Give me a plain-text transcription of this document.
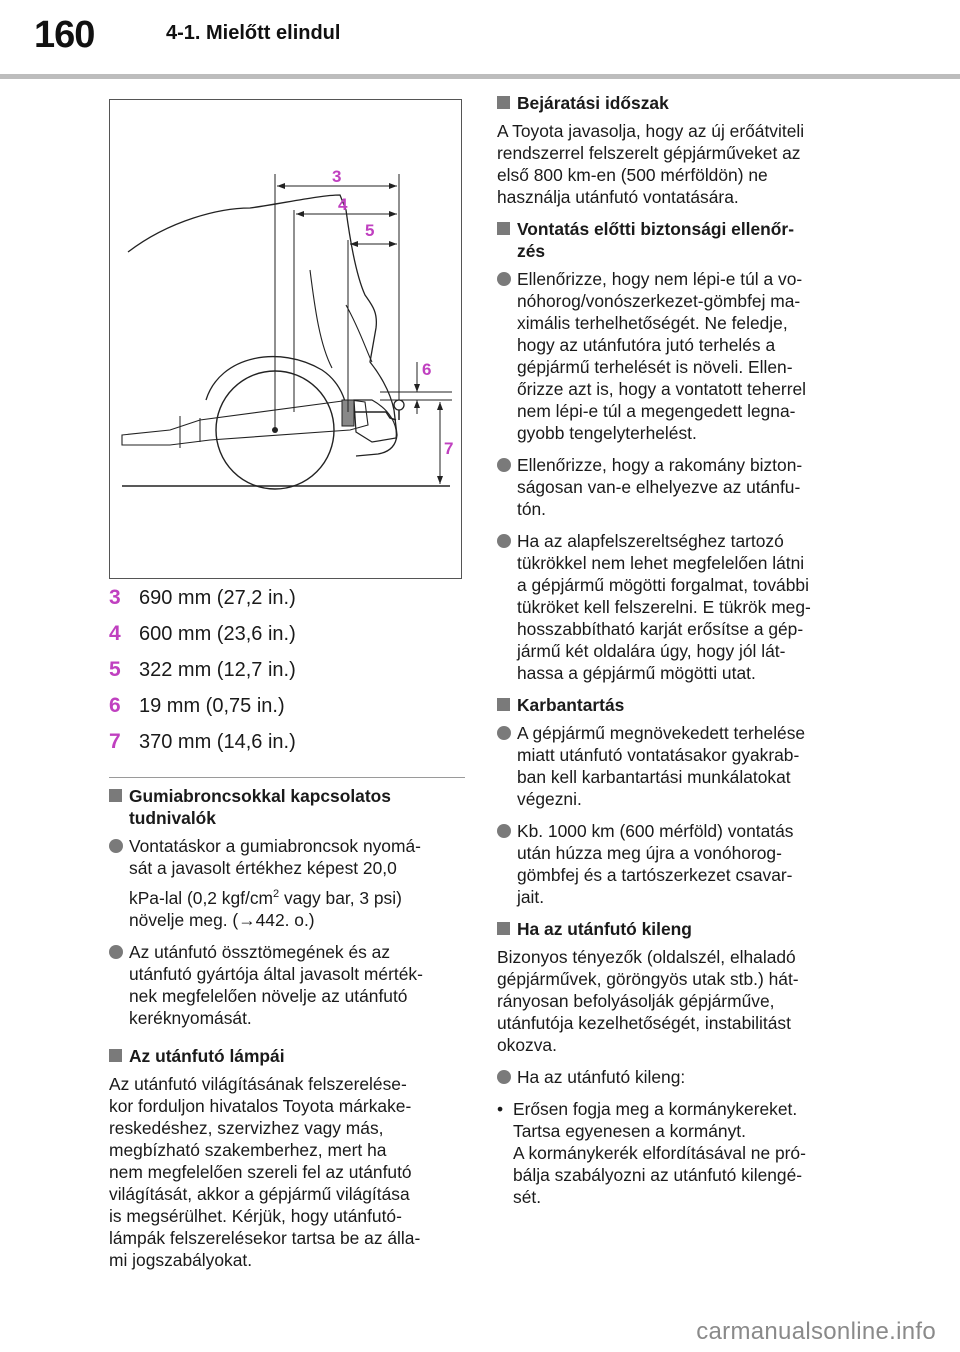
160	4-1. Mielőtt elindul
3
4
5
6
7
3 690 mm (27,2 in.)
4 600 mm (23,6 in.)
5 322 mm (12,7 in.)
6 19 mm (0,75 in.)
7 370 mm (14,6 in.)
Gumiabroncsokkal kapcsolatos
tudnivalók
Vontatáskor a gumiabroncsok nyomá-
sát a javasolt értékhez képest 20,0
kPa-lal (0,2 kgf/$cm^2$ vagy bar, 3 psi)
növelje meg. (→442. o.)
Az utánfutó össztömegének és az
utánfutó gyártója által javasolt mérték-
nek megfelelően növelje az utánfutó
keréknyomását.
Az utánfutó lámpái
Az utánfutó világításának felszerelése-
kor forduljon hivatalos Toyota márkake-
reskedéshez, szervizhez vagy más,
megbízható szakemberhez, mert ha
nem megfelelően szereli fel az utánfutó
világítását, akkor a gépjármű világítása
is megsérülhet. Kérjük, hogy utánfutó-
lámpák felszerelésekor tartsa be az álla-
mi jogszabályokat.
Bejáratási időszak
A Toyota javasolja, hogy az új erőátviteli
rendszerrel felszerelt gépjárműveket az
első 800 km-en (500 mérföldön) ne
használja utánfutó vontatására.
Vontatás előtti biztonsági ellenőr-
zés
Ellenőrizze, hogy nem lépi-e túl a vo-
nóhorog/vonószerkezet-gömbfej ma-
ximális terhelhetőségét. Ne feledje,
hogy az utánfutóra jutó terhelés a
gépjármű terhelését is növeli. Ellen-
őrizze azt is, hogy a vontatott teherrel
nem lépi-e túl a megengedett legna-
gyobb tengelyterhelést.
Ellenőrizze, hogy a rakomány bizton-
ságosan van-e elhelyezve az utánfu-
tón.
Ha az alapfelszereltséghez tartozó
tükrökkel nem lehet megfelelően látni
a gépjármű mögötti forgalmat, további
tükröket kell felszerelni. E tükrök meg-
hosszabbítható karját erősítse a gép-
jármű két oldalára úgy, hogy jól lát-
hassa a gépjármű mögötti utat.
Karbantartás
A gépjármű megnövekedett terhelése
miatt utánfutó vontatásakor gyakrab-
ban kell karbantartási munkálatokat
végezni.
Kb. 1000 km (600 mérföld) vontatás
után húzza meg újra a vonóhorog-
gömbfej és a tartószerkezet csavar-
jait.
Ha az utánfutó kileng
Bizonyos tényezők (oldalszél, elhaladó
gépjárművek, göröngyös utak stb.) hát-
rányosan befolyásolják gépjárműve,
utánfutója kezelhetőségét, instabilitást
okozva.
Ha az utánfutó kileng:
• Erősen fogja meg a kormánykereket.
Tartsa egyenesen a kormányt.
A kormánykerék elfordításával ne pró-
bálja szabályozni az utánfutó kilengé-
sét.
carmanualsonline.info
